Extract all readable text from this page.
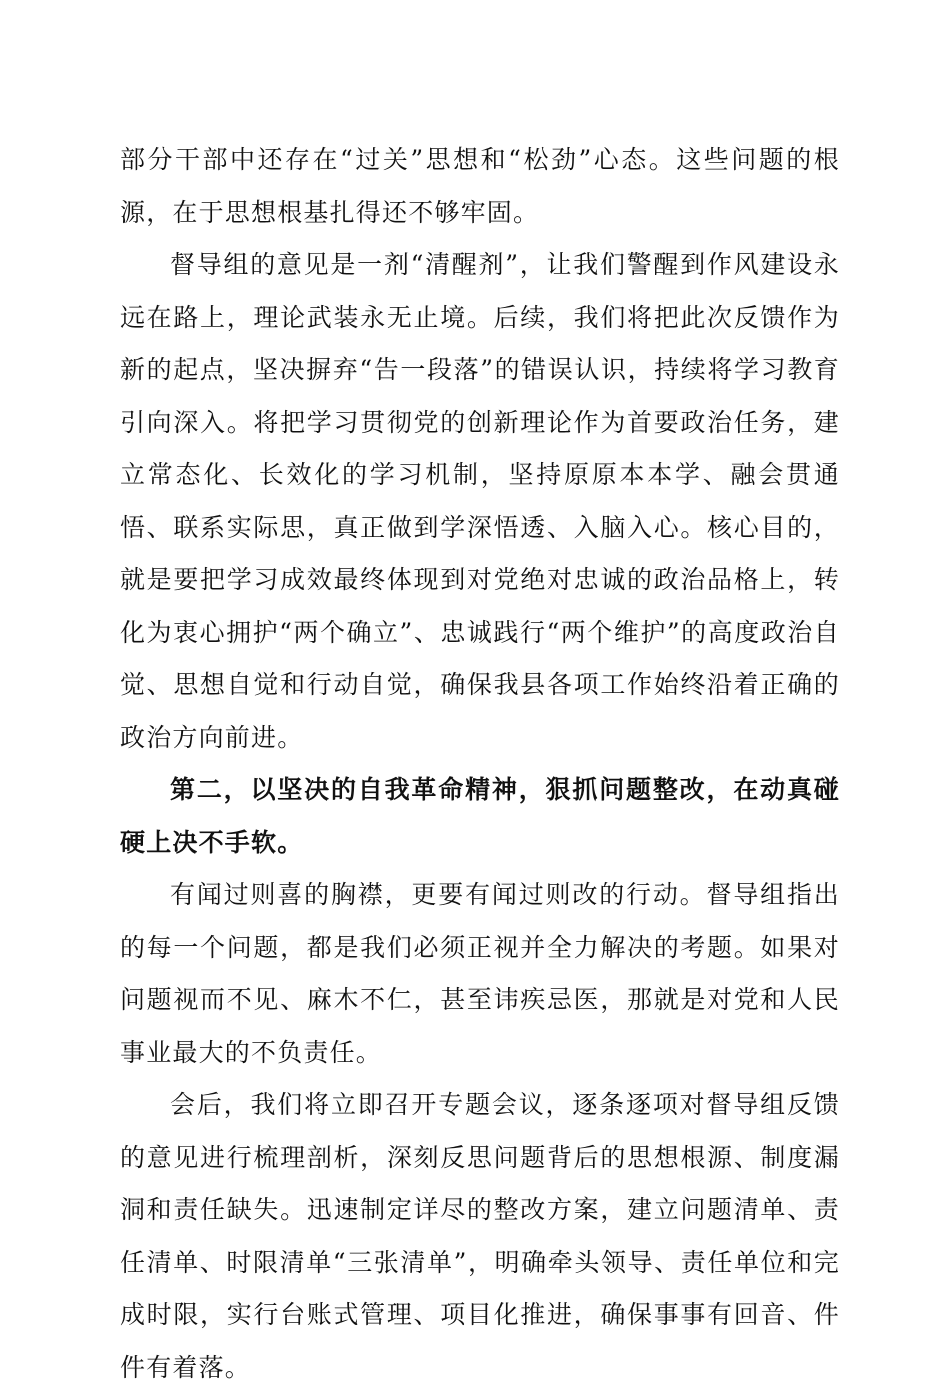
部分干部中还存在“过关”思想和“松劲”心态。这些问题的根源，在于思想根基扎得还不够牢固。

督导组的意见是一剂“清醒剂”，让我们警醒到作风建设永远在路上，理论武装永无止境。后续，我们将把此次反馈作为新的起点，坚决摒弃“告一段落”的错误认识，持续将学习教育引向深入。将把学习贯彻党的创新理论作为首要政治任务，建立常态化、长效化的学习机制，坚持原原本本学、融会贯通悟、联系实际思，真正做到学深悟透、入脑入心。核心目的，就是要把学习成效最终体现到对党绝对忠诚的政治品格上，转化为衷心拥护“两个确立”、忠诚践行“两个维护”的高度政治自觉、思想自觉和行动自觉，确保我县各项工作始终沿着正确的政治方向前进。

第二，以坚决的自我革命精神，狠抓问题整改，在动真碰硬上决不手软。

有闻过则喜的胸襟，更要有闻过则改的行动。督导组指出的每一个问题，都是我们必须正视并全力解决的考题。如果对问题视而不见、麻木不仁，甚至讳疾忌医，那就是对党和人民事业最大的不负责任。

会后，我们将立即召开专题会议，逐条逐项对督导组反馈的意见进行梳理剖析，深刻反思问题背后的思想根源、制度漏洞和责任缺失。迅速制定详尽的整改方案，建立问题清单、责任清单、时限清单“三张清单”，明确牵头领导、责任单位和完成时限，实行台账式管理、项目化推进，确保事事有回音、件件有着落。
